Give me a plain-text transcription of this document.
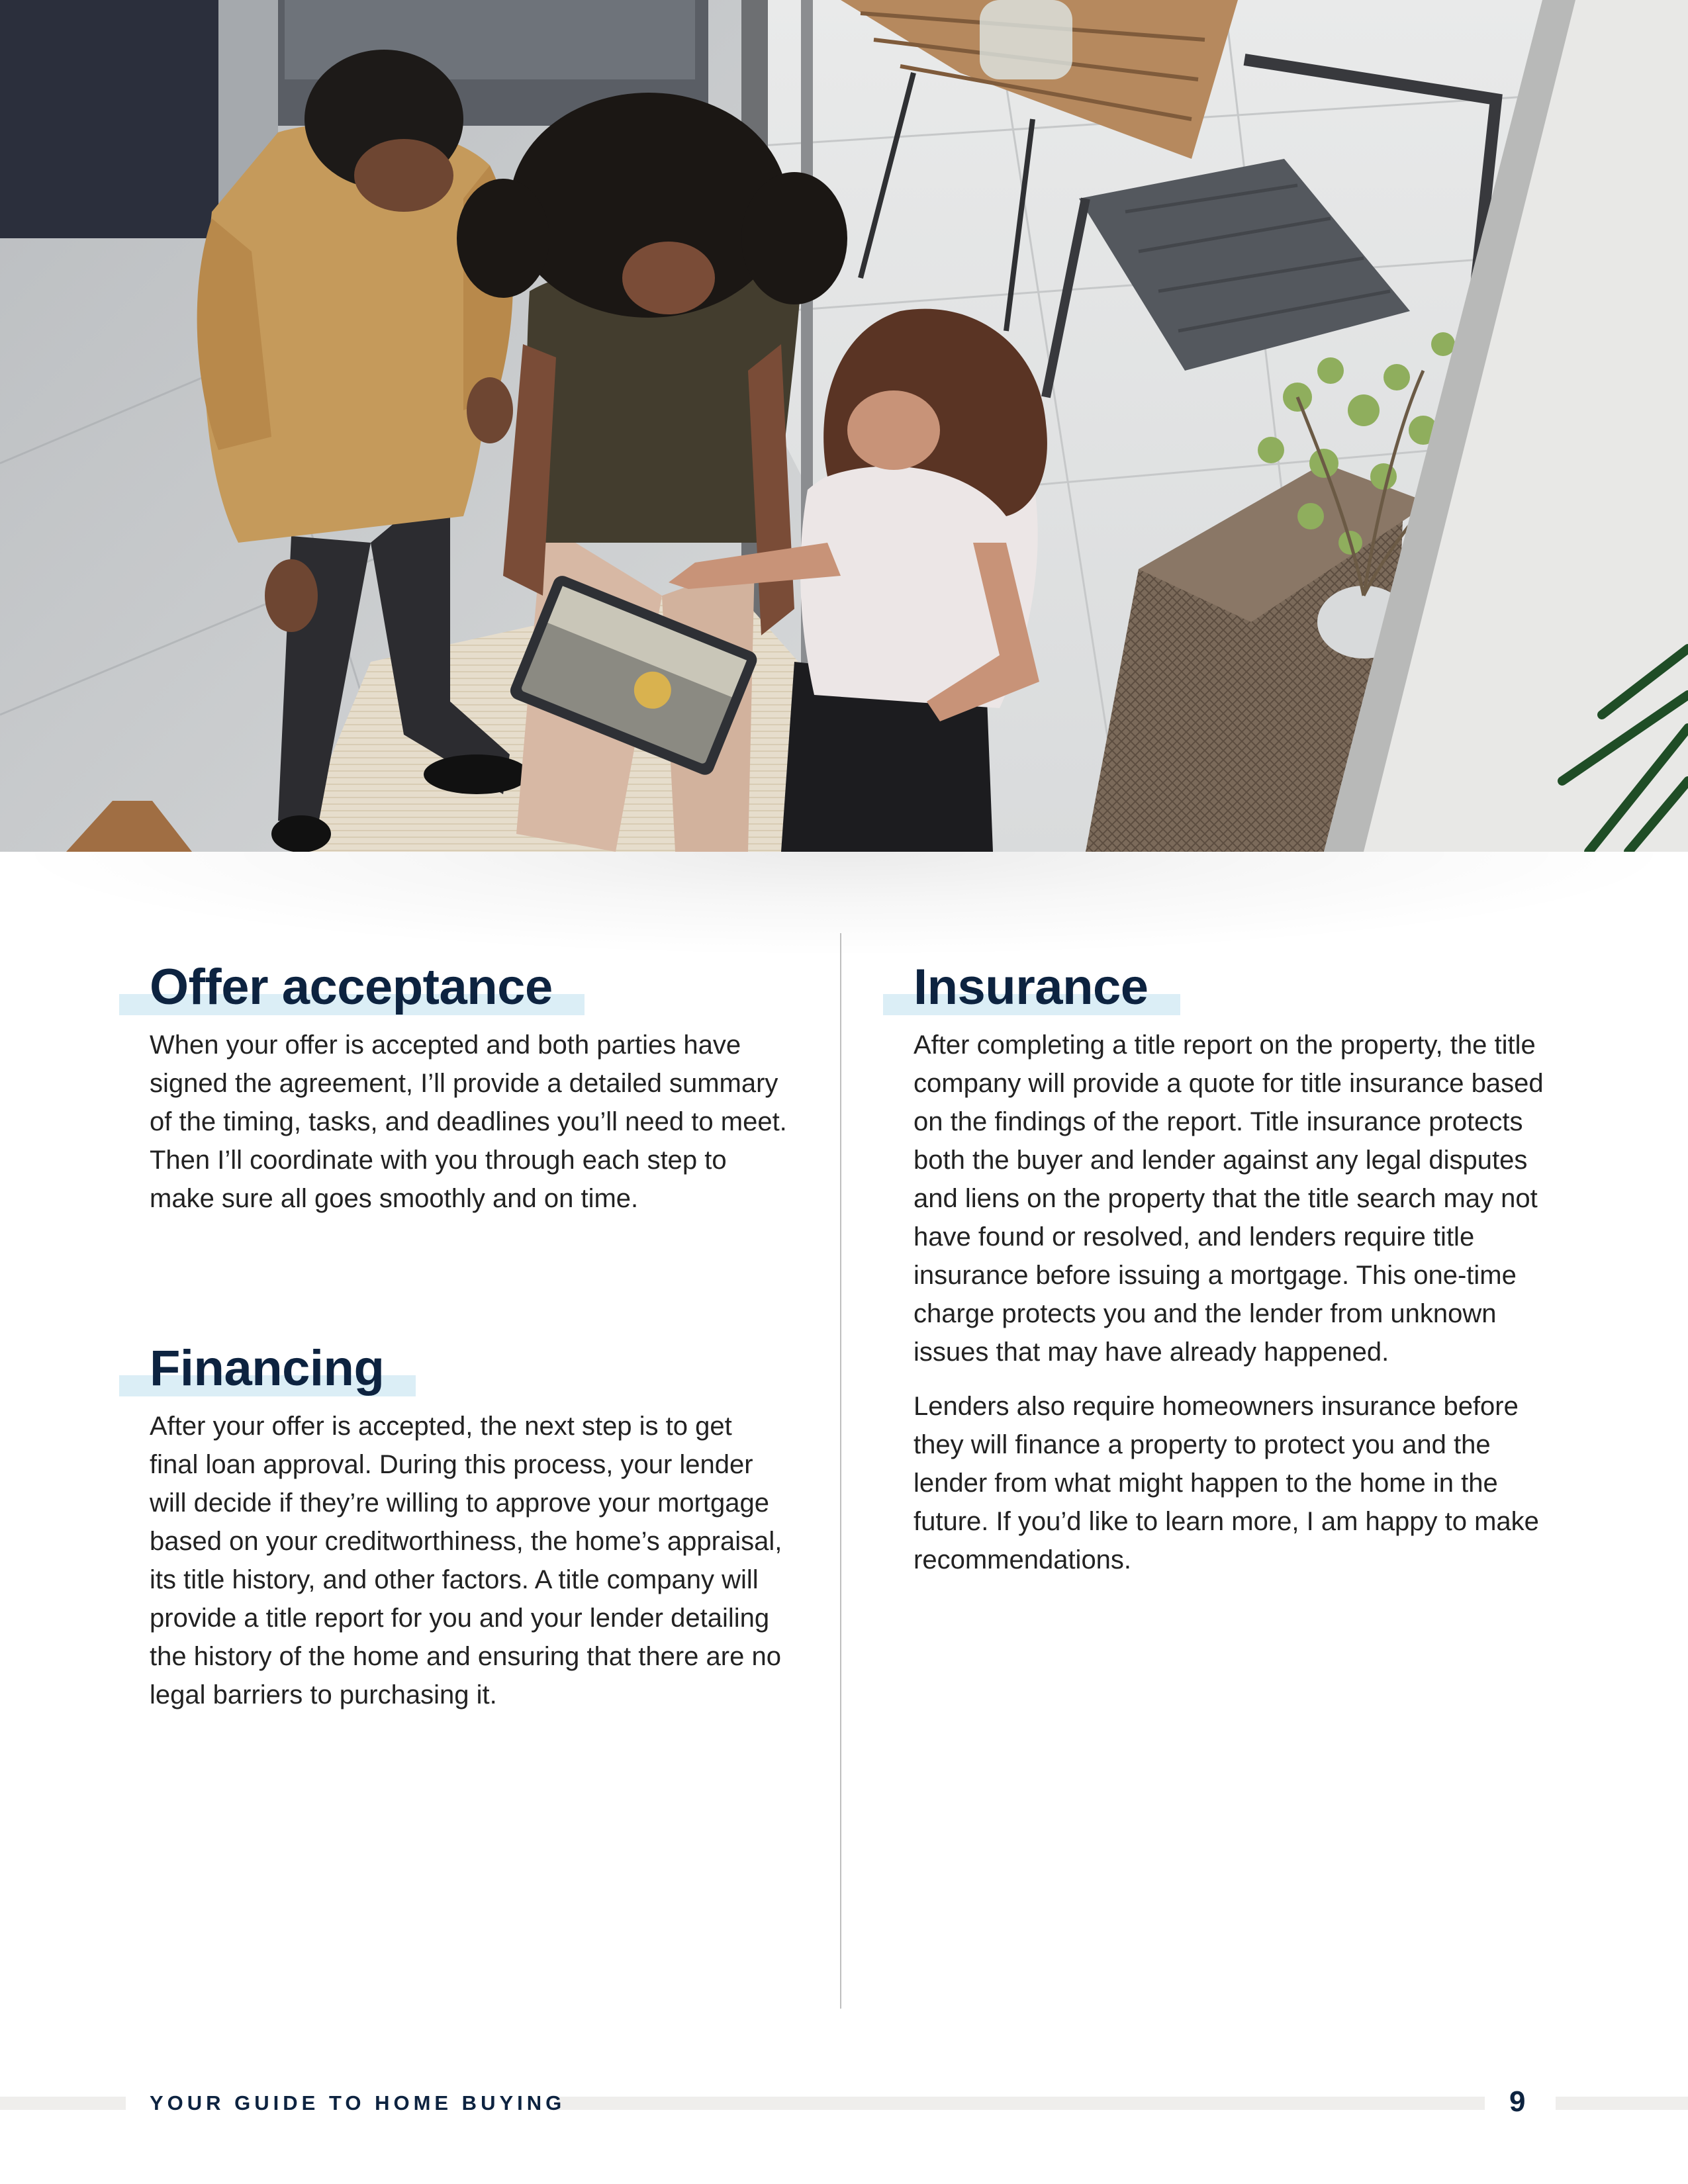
Offer acceptance

When your offer is accepted and both parties have signed the agreement, I’ll provide a detailed summary of the timing, tasks, and deadlines you’ll need to meet. Then I’ll coordinate with you through each step to make sure all goes smoothly and on time.

Financing

After your offer is accepted, the next step is to get final loan approval. During this process, your lender will decide if they’re willing to approve your mortgage based on your creditworthiness, the home’s appraisal, its title history, and other factors. A title company will provide a title report for you and your lender detailing the history of the home and ensuring that there are no legal barriers to purchasing it.

Insurance

After completing a title report on the property, the title company will provide a quote for title insurance based on the findings of the report. Title insurance protects both the buyer and lender against any legal disputes and liens on the property that the title search may not have found or resolved, and lenders require title insurance before issuing a mortgage. This one-time charge protects you and the lender from unknown issues that may have already happened.

Lenders also require homeowners insurance before they will finance a property to protect you and the lender from what might happen to the home in the future. If you’d like to learn more, I am happy to make recommendations.

YOUR GUIDE TO HOME BUYING	9
